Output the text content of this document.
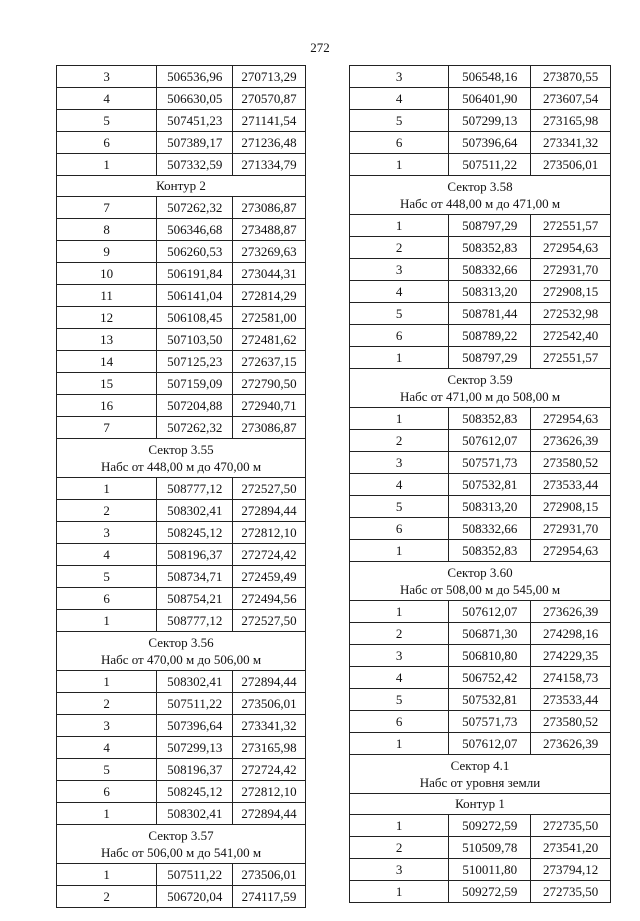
272
3	506536,96	270713,29
4	506630,05	270570,87
5	507451,23	271141,54
6	507389,17	271236,48
1	507332,59	271334,79

Контур 2		

7	507262,32	273086,87
8	506346,68	273488,87
9	506260,53	273269,63
10	506191,84	273044,31
11	506141,04	272814,29
12	506108,45	272581,00
13	507103,50	272481,62
14	507125,23	272637,15
15	507159,09	272790,50
16	507204,88	272940,71
7	507262,32	273086,87

Сектор 3.55
Набс от 448,00 м до 470,00 м		

1	508777,12	272527,50
2	508302,41	272894,44
3	508245,12	272812,10
4	508196,37	272724,42
5	508734,71	272459,49
6	508754,21	272494,56
1	508777,12	272527,50

Сектор 3.56
Набс от 470,00 м до 506,00 м		

1	508302,41	272894,44
2	507511,22	273506,01
3	507396,64	273341,32
4	507299,13	273165,98
5	508196,37	272724,42
6	508245,12	272812,10
1	508302,41	272894,44

Сектор 3.57
Набс от 506,00 м до 541,00 м		

1	507511,22	273506,01
2	506720,04	274117,59
3	506548,16	273870,55
4	506401,90	273607,54
5	507299,13	273165,98
6	507396,64	273341,32
1	507511,22	273506,01

Сектор 3.58
Набс от 448,00 м до 471,00 м		

1	508797,29	272551,57
2	508352,83	272954,63
3	508332,66	272931,70
4	508313,20	272908,15
5	508781,44	272532,98
6	508789,22	272542,40
1	508797,29	272551,57

Сектор 3.59
Набс от 471,00 м до 508,00 м		

1	508352,83	272954,63
2	507612,07	273626,39
3	507571,73	273580,52
4	507532,81	273533,44
5	508313,20	272908,15
6	508332,66	272931,70
1	508352,83	272954,63

Сектор 3.60
Набс от 508,00 м до 545,00 м		

1	507612,07	273626,39
2	506871,30	274298,16
3	506810,80	274229,35
4	506752,42	274158,73
5	507532,81	273533,44
6	507571,73	273580,52
1	507612,07	273626,39

Сектор 4.1
Набс от уровня земли		

Контур 1		

1	509272,59	272735,50
2	510509,78	273541,20
3	510011,80	273794,12
1	509272,59	272735,50
